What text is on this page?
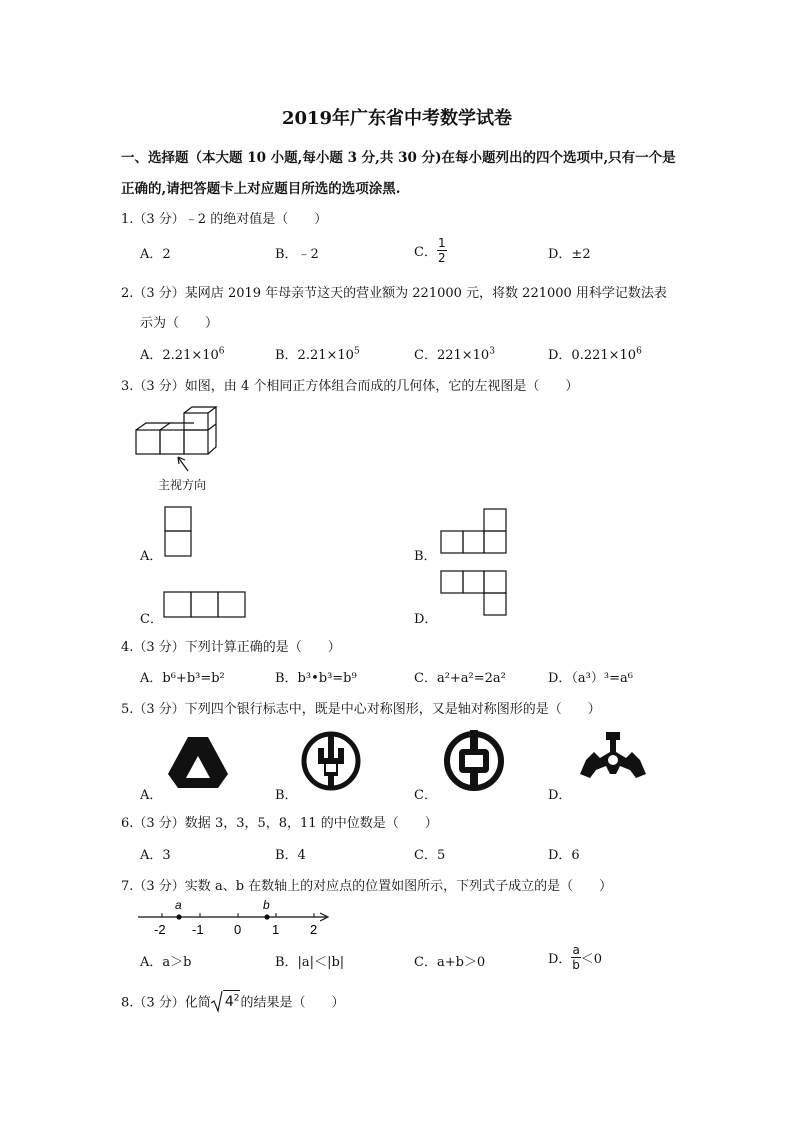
2019年广东省中考数学试卷
一、选择题（本大题 10 小题,每小题 3 分,共 30 分)在每小题列出的四个选项中,只有一个是
正确的,请把答题卡上对应题目所选的选项涂黑.
1.（3 分）﹣2 的绝对值是（　　）
A．2	B．﹣2	C． $\frac{1}{2}$	D．±2
2.（3 分）某网店 2019 年母亲节这天的营业额为 221000 元，将数 221000 用科学记数法表
示为（　　）
A．$2.21\times 10^6$	B．$2.21\times 10^5$	C．$221\times 10^3$	D．$0.221\times 10^6$
3.（3 分）如图，由 4 个相同正方体组合而成的几何体，它的左视图是（　　）
主视方向
A．	B．
C．	D．
4.（3 分）下列计算正确的是（　　）
A．b⁶+b³=b²	B．b³•b³=b⁹	C．a²+a²=2a²	D．（a³）³=a⁶
5.（3 分）下列四个银行标志中，既是中心对称图形，又是轴对称图形的是（　　）
A．	B．	C．	D．
6.（3 分）数据 3，3，5，8，11 的中位数是（　　）
A．3	B．4	C．5	D．6
7.（3 分）实数 a、b 在数轴上的对应点的位置如图所示，下列式子成立的是（　　）
a	b
-2 -1 0 1 2
A．a＞b	B．|a|＜|b|	C．a+b＞0	D． $\frac{a}{b} <0$
8.（3 分）化简 $4^2$的结果是（　　）
